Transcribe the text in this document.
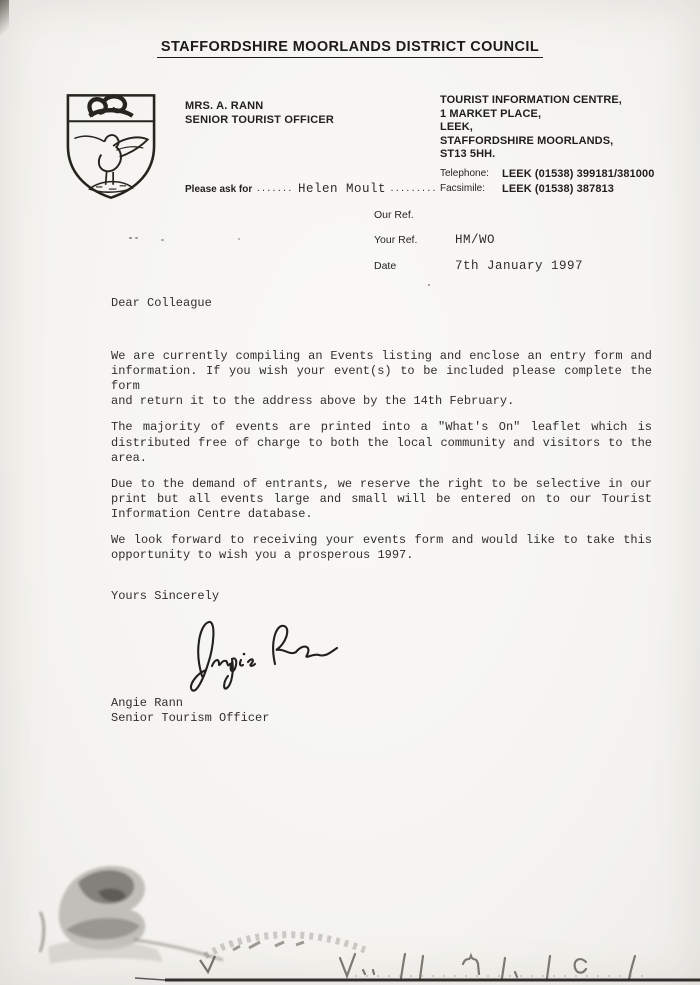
STAFFORDSHIRE MOORLANDS DISTRICT COUNCIL
MRS. A. RANN
SENIOR TOURIST OFFICER
Please ask for ....... Helen Moult .........
TOURIST INFORMATION CENTRE,
1 MARKET PLACE,
LEEK,
STAFFORDSHIRE MOORLANDS,
ST13 5HH.
Telephone:	LEEK (01538) 399181/381000
Facsimile:	LEEK (01538) 387813
Our Ref.
Your Ref.	HM/WO
Date	7th January 1997
Dear Colleague
We are currently compiling an Events listing and enclose an entry form and
information. If you wish your event(s) to be included please complete the form
and return it to the address above by the 14th February.
The majority of events are printed into a "What's On" leaflet which is
distributed free of charge to both the local community and visitors to the
area.
Due to the demand of entrants, we reserve the right to be selective in our
print but all events large and small will be entered on to our Tourist
Information Centre database.
We look forward to receiving your events form and would like to take this
opportunity to wish you a prosperous 1997.
Yours Sincerely
Angie Rann
Senior Tourism Officer
